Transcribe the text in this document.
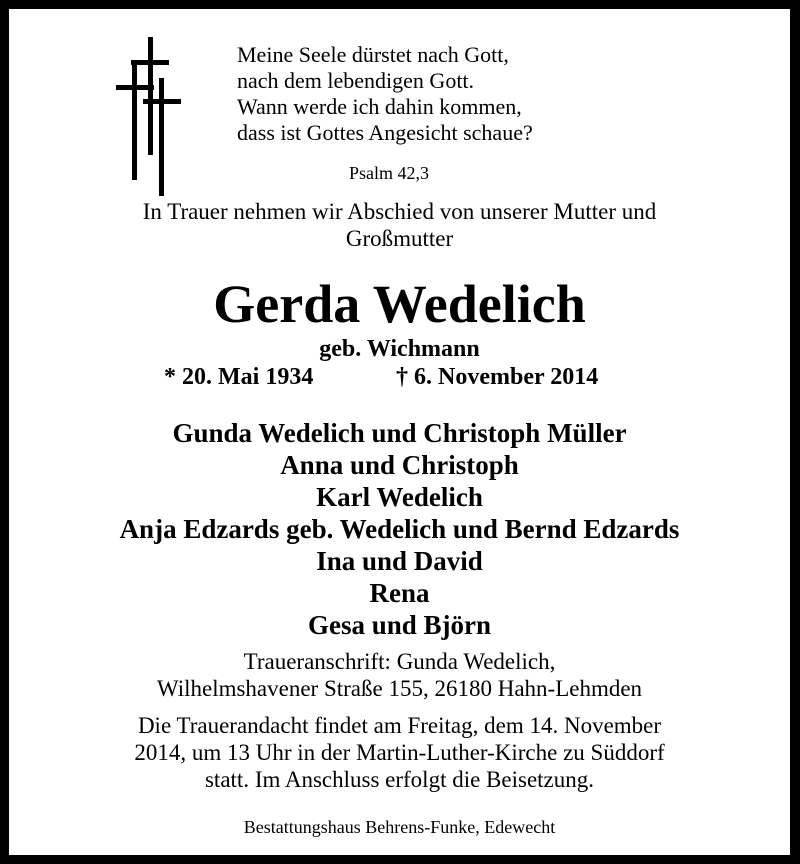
Meine Seele dürstet nach Gott,
nach dem lebendigen Gott.
Wann werde ich dahin kommen,
dass ist Gottes Angesicht schaue?
Psalm 42,3
In Trauer nehmen wir Abschied von unserer Mutter und
Großmutter
Gerda Wedelich
geb. Wichmann
* 20. Mai 1934	† 6. November 2014
Gunda Wedelich und Christoph Müller
Anna und Christoph
Karl Wedelich
Anja Edzards geb. Wedelich und Bernd Edzards
Ina und David
Rena
Gesa und Björn
Traueranschrift: Gunda Wedelich,
Wilhelmshavener Straße 155, 26180 Hahn-Lehmden
Die Trauerandacht findet am Freitag, dem 14. November
2014, um 13 Uhr in der Martin-Luther-Kirche zu Süddorf
statt. Im Anschluss erfolgt die Beisetzung.
Bestattungshaus Behrens-Funke, Edewecht
